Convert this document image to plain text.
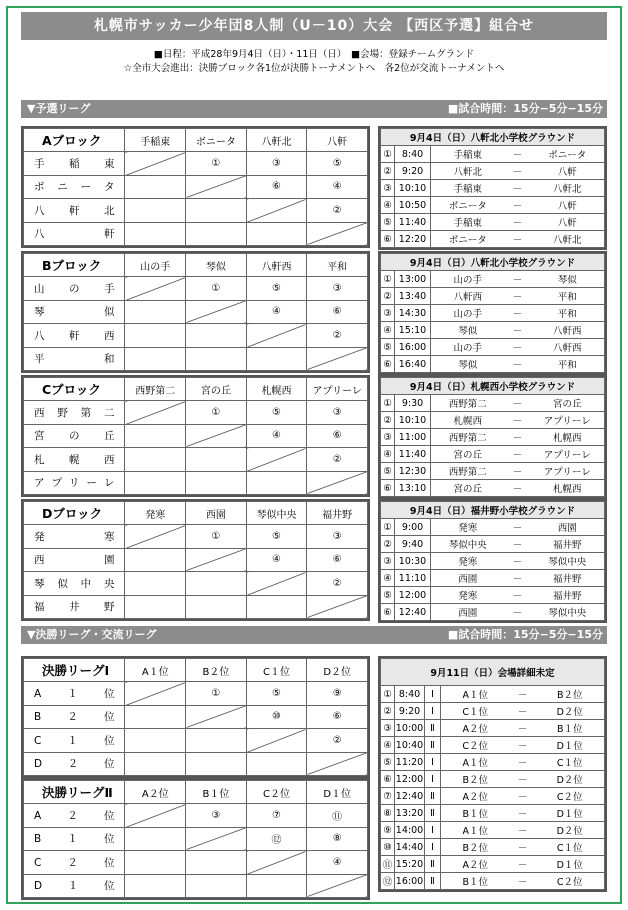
札幌市サッカー少年団8人制（U－10）大会 【西区予選】組合せ
■日程：平成28年9月4日（日）・11日（日）　■会場：登録チームグランド
☆全市大会進出：決勝ブロック各1位が決勝トーナメントへ　各2位が交流トーナメントへ
▼予選リーグ	■試合時間：15分−5分−15分
Aブロック	手稲東	ボニータ	八軒北	八軒
手稲東		①	③	⑤
ボニータ			⑥	④
八軒北				②
八軒				
9月4日（日）八軒北小学校グラウンド				
①	8:40	手稲東	－	ボニータ
②	9:20	八軒北	－	八軒
③	10:10	手稲東	－	八軒北
④	10:50	ボニータ	－	八軒
⑤	11:40	手稲東	－	八軒
⑥	12:20	ボニータ	－	八軒北
Bブロック	山の手	琴似	八軒西	平和
山の手		①	⑤	③
琴似			④	⑥
八軒西				②
平和				
9月4日（日）八軒北小学校グラウンド				
①	13:00	山の手	－	琴似
②	13:40	八軒西	－	平和
③	14:30	山の手	－	平和
④	15:10	琴似	－	八軒西
⑤	16:00	山の手	－	八軒西
⑥	16:40	琴似	－	平和
Cブロック	西野第二	宮の丘	札幌西	アプリーレ
西野第二		①	⑤	③
宮の丘			④	⑥
札幌西				②
アプリーレ				
9月4日（日）札幌西小学校グラウンド				
①	9:30	西野第二	－	宮の丘
②	10:10	札幌西	－	アプリーレ
③	11:00	西野第二	－	札幌西
④	11:40	宮の丘	－	アプリーレ
⑤	12:30	西野第二	－	アプリーレ
⑥	13:10	宮の丘	－	札幌西
Dブロック	発寒	西園	琴似中央	福井野
発寒		①	⑤	③
西園			④	⑥
琴似中央				②
福井野				
9月4日（日）福井野小学校グラウンド				
①	9:00	発寒	－	西園
②	9:40	琴似中央	－	福井野
③	10:30	発寒	－	琴似中央
④	11:10	西園	－	福井野
⑤	12:00	発寒	－	福井野
⑥	12:40	西園	－	琴似中央
▼決勝リーグ・交流リーグ	■試合時間：15分−5分−15分
決勝リーグⅠ	A１位	B２位	C１位	D２位
A１位		①	⑤	⑨
B２位			⑩	⑥
C１位				②
D２位				
決勝リーグⅡ	A２位	B１位	C２位	D１位
A２位		③	⑦	⑪
B１位			⑫	⑧
C２位				④
D１位				
9月11日（日）会場詳細未定					
①	8:40	Ⅰ	A１位	－	B２位
②	9:20	Ⅰ	C１位	－	D２位
③	10:00	Ⅱ	A２位	－	B１位
④	10:40	Ⅱ	C２位	－	D１位
⑤	11:20	Ⅰ	A１位	－	C１位
⑥	12:00	Ⅰ	B２位	－	D２位
⑦	12:40	Ⅱ	A２位	－	C２位
⑧	13:20	Ⅱ	B１位	－	D１位
⑨	14:00	Ⅰ	A１位	－	D２位
⑩	14:40	Ⅰ	B２位	－	C１位
⑪	15:20	Ⅱ	A２位	－	D１位
⑫	16:00	Ⅱ	B１位	－	C２位
